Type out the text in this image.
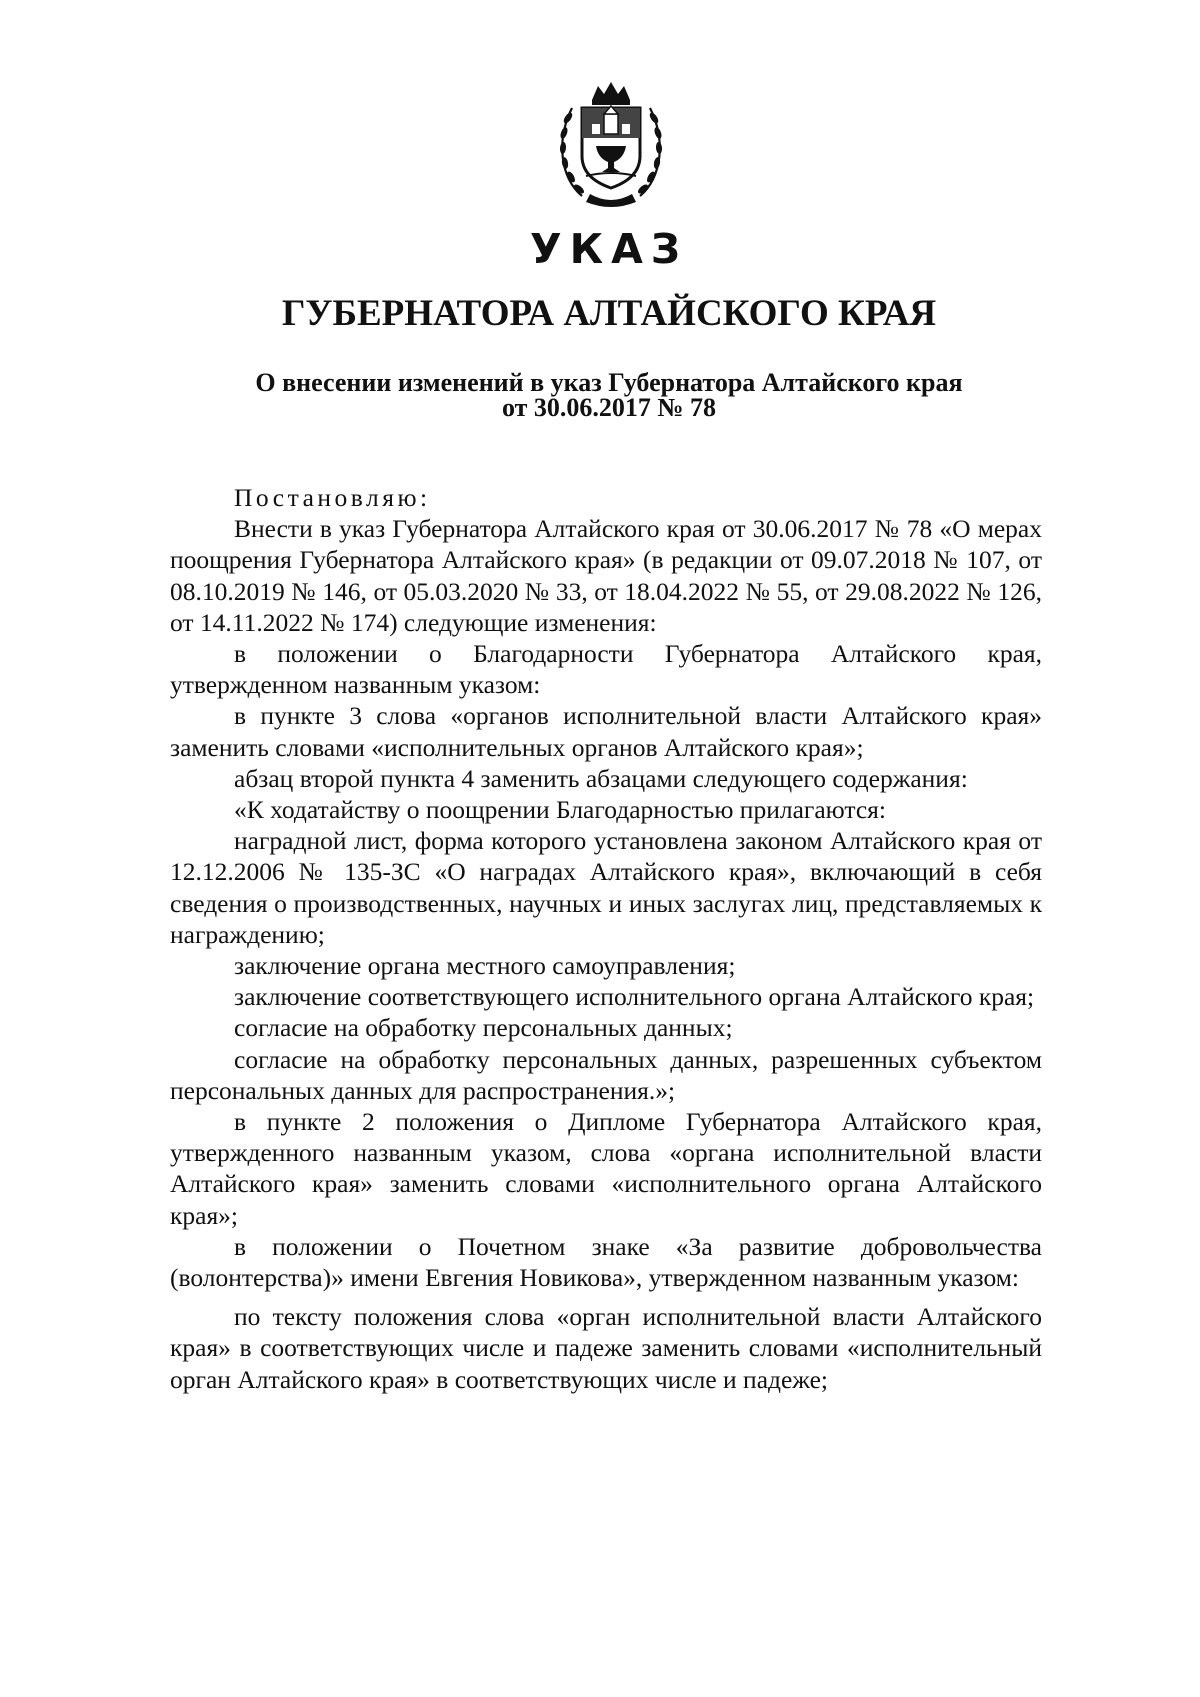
УКАЗ
ГУБЕРНАТОРА АЛТАЙСКОГО КРАЯ
О внесении изменений в указ Губернатора Алтайского края
от 30.06.2017 № 78

Постановляю:

Внести в указ Губернатора Алтайского края от 30.06.2017 № 78 «О мерах поощрения Губернатора Алтайского края» (в редакции от 09.07.2018 № 107, от 08.10.2019 № 146, от 05.03.2020 № 33, от 18.04.2022 № 55, от 29.08.2022 № 126, от 14.11.2022 № 174) следующие изменения:

в положении о Благодарности Губернатора Алтайского края, утвержденном названным указом:

в пункте 3 слова «органов исполнительной власти Алтайского края» заменить словами «исполнительных органов Алтайского края»;

абзац второй пункта 4 заменить абзацами следующего содержания:

«К ходатайству о поощрении Благодарностью прилагаются:

наградной лист, форма которого установлена законом Алтайского края от 12.12.2006 № 135-ЗС «О наградах Алтайского края», включающий в себя сведения о производственных, научных и иных заслугах лиц, представляемых к награждению;

заключение органа местного самоуправления;

заключение соответствующего исполнительного органа Алтайского края;

согласие на обработку персональных данных;

согласие на обработку персональных данных, разрешенных субъектом персональных данных для распространения.»;

в пункте 2 положения о Дипломе Губернатора Алтайского края, утвержденного названным указом, слова «органа исполнительной власти Алтайского края» заменить словами «исполнительного органа Алтайского края»;

в положении о Почетном знаке «За развитие добровольчества (волонтерства)» имени Евгения Новикова», утвержденном названным указом:

по тексту положения слова «орган исполнительной власти Алтайского края» в соответствующих числе и падеже заменить словами «исполнительный орган Алтайского края» в соответствующих числе и падеже;
